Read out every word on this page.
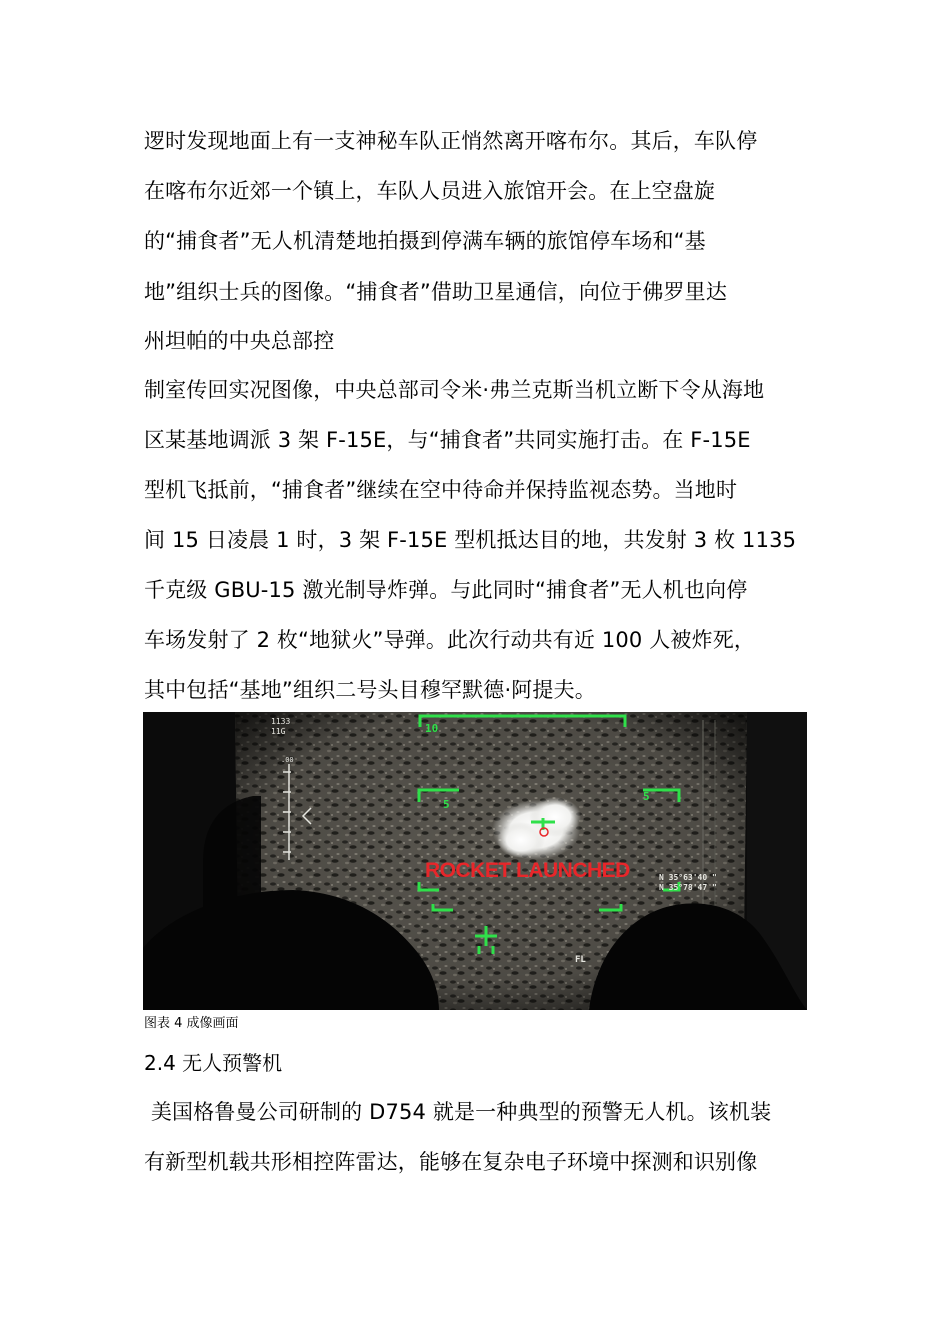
逻时发现地面上有一支神秘车队正悄然离开喀布尔。其后，车队停
在喀布尔近郊一个镇上，车队人员进入旅馆开会。在上空盘旋
的“捕食者”无人机清楚地拍摄到停满车辆的旅馆停车场和“基
地”组织士兵的图像。“捕食者”借助卫星通信，向位于佛罗里达
州坦帕的中央总部控
制室传回实况图像，中央总部司令米·弗兰克斯当机立断下令从海地
区某基地调派 3 架 F-15E，与“捕食者”共同实施打击。在 F-15E
型机飞抵前，“捕食者”继续在空中待命并保持监视态势。当地时
间 15 日凌晨 1 时，3 架 F-15E 型机抵达目的地，共发射 3 枚 1135
千克级 GBU-15 激光制导炸弹。与此同时“捕食者”无人机也向停
车场发射了 2 枚“地狱火”导弹。此次行动共有近 100 人被炸死，
其中包括“基地”组织二号头目穆罕默德·阿提夫。
1133
11G
.00
10
5
5
ROCKET LAUNCHED	N 35°63'40 "
N 35°78'47 "
FL
图表 4 成像画面
2.4 无人预警机
美国格鲁曼公司研制的 D754 就是一种典型的预警无人机。该机装
有新型机载共形相控阵雷达，能够在复杂电子环境中探测和识别像
